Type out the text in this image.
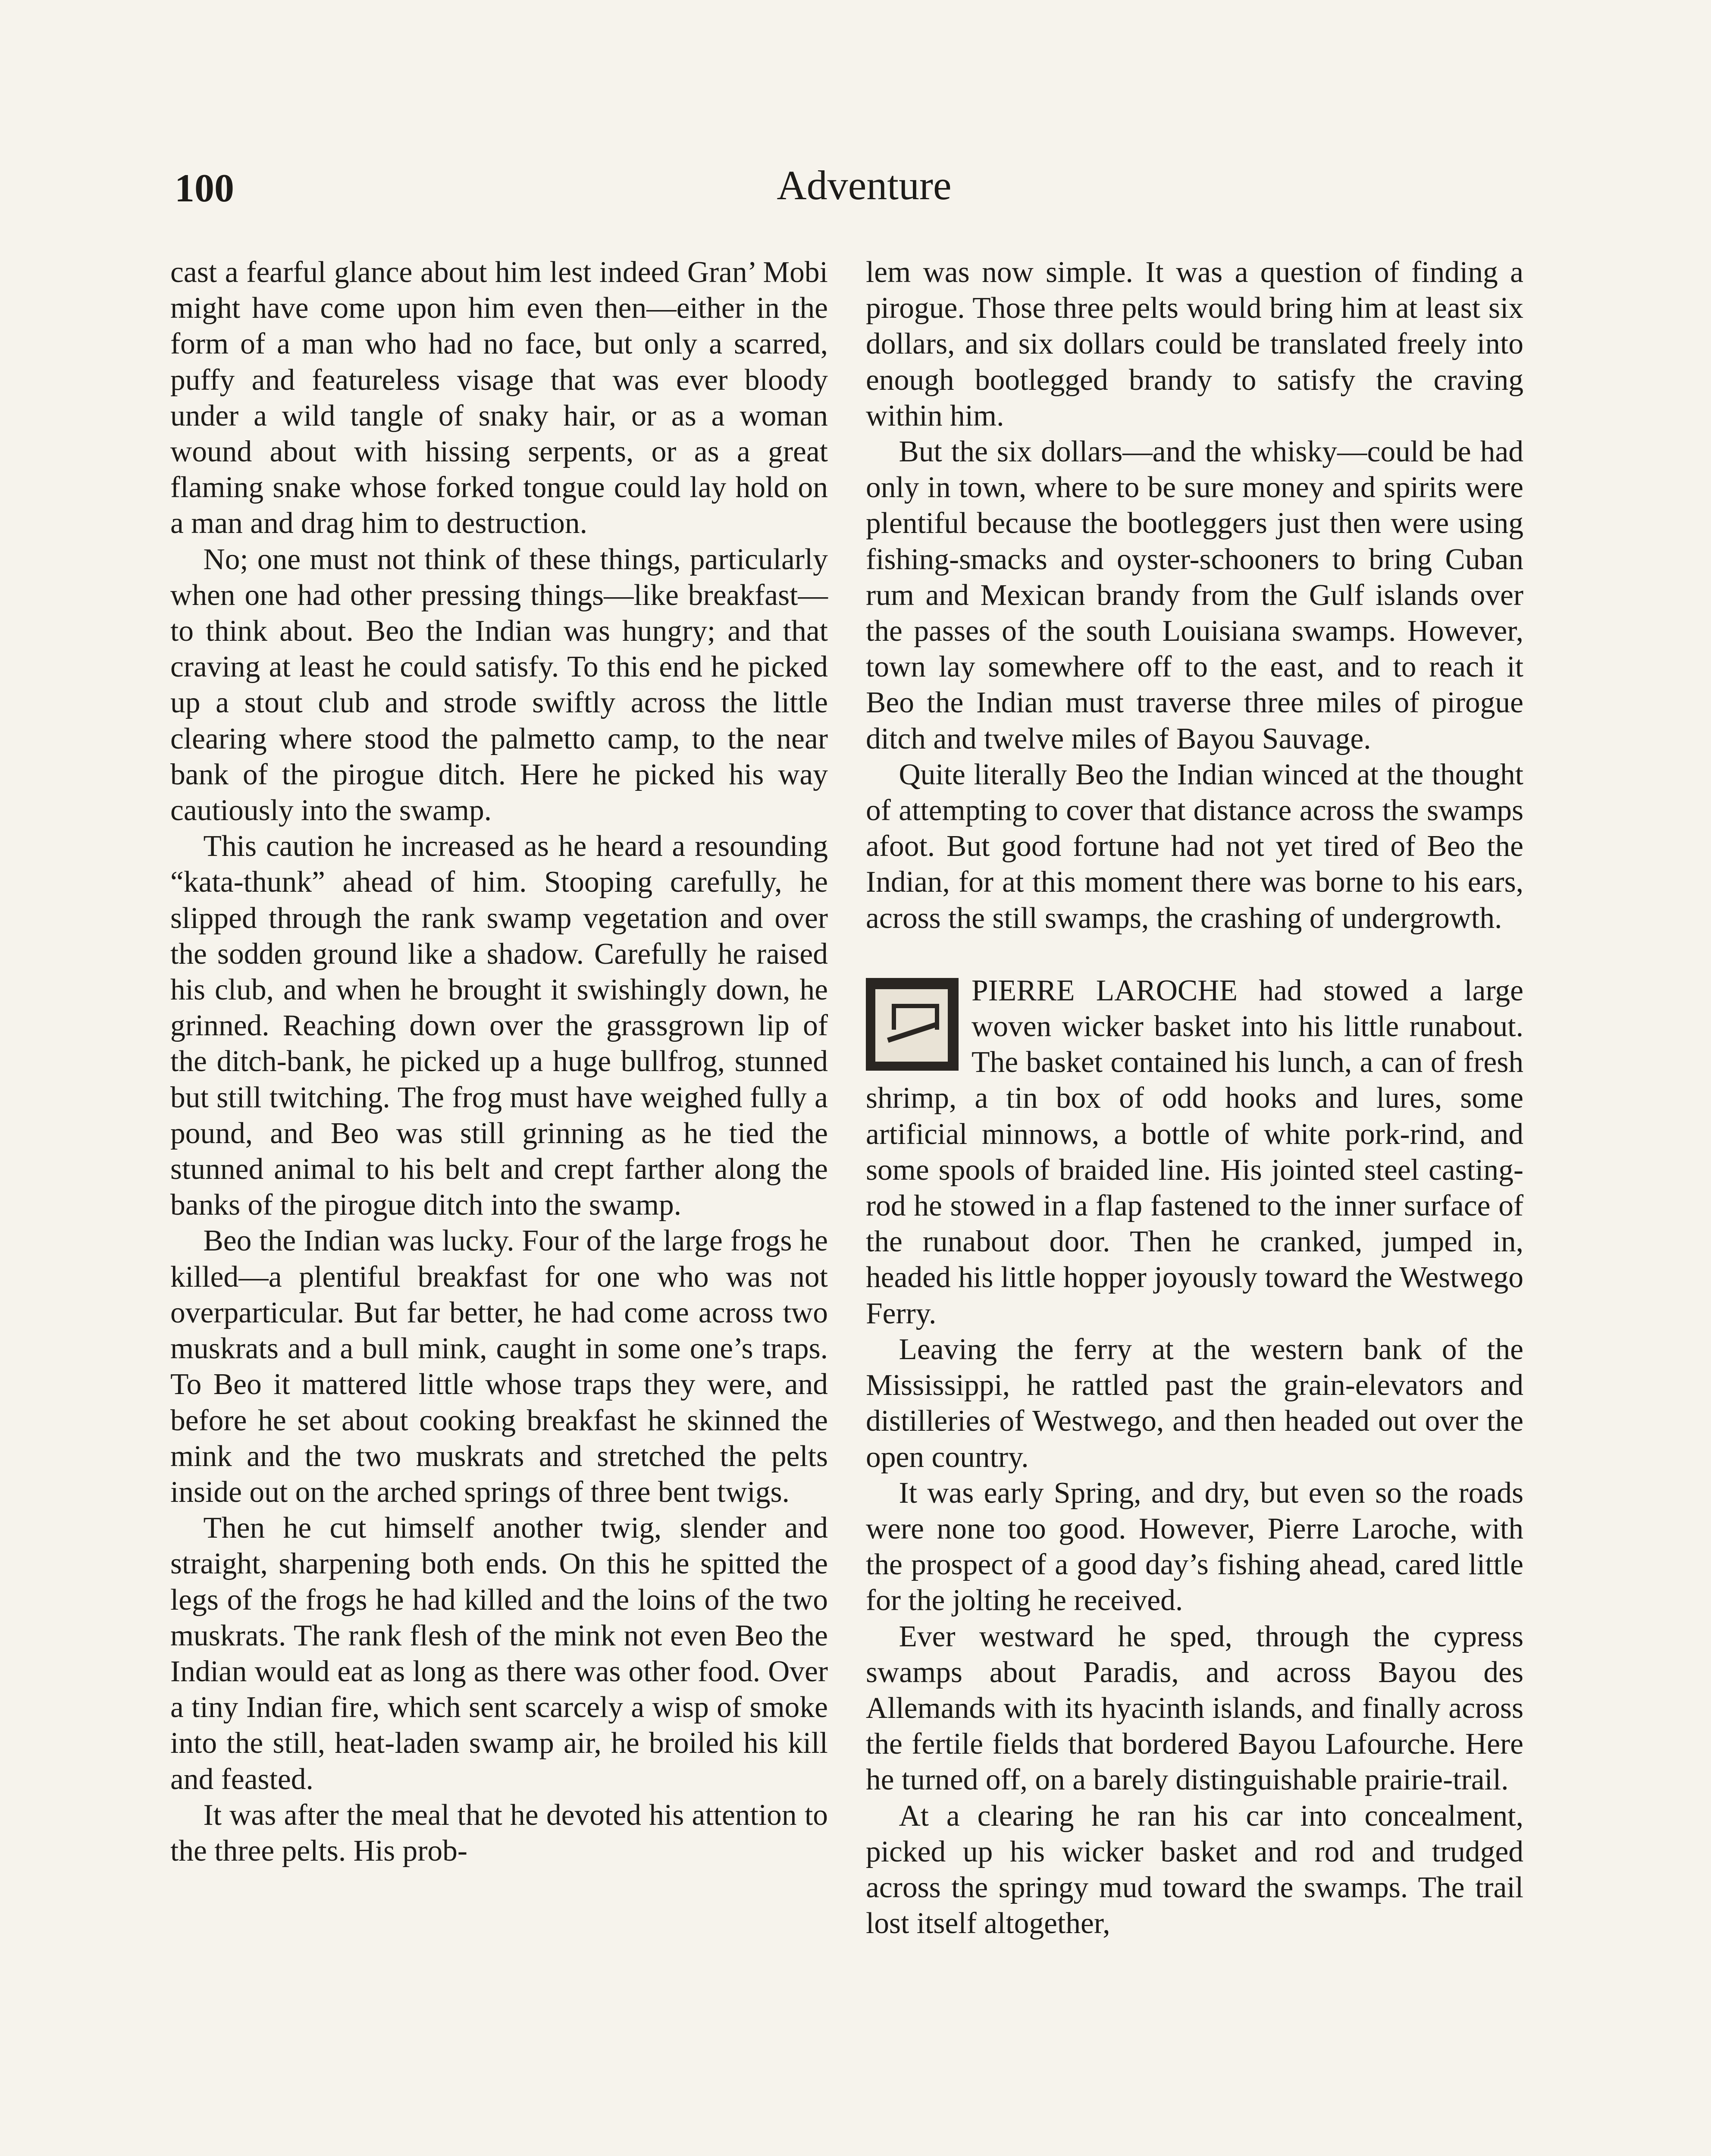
100	Adventure

cast a fearful glance about him lest indeed Gran’ Mobi might have come upon him even then—either in the form of a man who had no face, but only a scarred, puffy and featureless visage that was ever bloody under a wild tangle of snaky hair, or as a woman wound about with hissing serpents, or as a great flaming snake whose forked tongue could lay hold on a man and drag him to destruction.

No; one must not think of these things, particularly when one had other pressing things—like breakfast—to think about. Beo the Indian was hungry; and that craving at least he could satisfy. To this end he picked up a stout club and strode swiftly across the little clearing where stood the palmetto camp, to the near bank of the pirogue ditch. Here he picked his way cautiously into the swamp.

This caution he increased as he heard a resounding “kata-thunk” ahead of him. Stooping carefully, he slipped through the rank swamp vegetation and over the sodden ground like a shadow. Carefully he raised his club, and when he brought it swishingly down, he grinned. Reaching down over the grassgrown lip of the ditch-bank, he picked up a huge bullfrog, stunned but still twitching. The frog must have weighed fully a pound, and Beo was still grinning as he tied the stunned animal to his belt and crept farther along the banks of the pirogue ditch into the swamp.

Beo the Indian was lucky. Four of the large frogs he killed—a plentiful breakfast for one who was not overparticular. But far better, he had come across two muskrats and a bull mink, caught in some one’s traps. To Beo it mattered little whose traps they were, and before he set about cooking breakfast he skinned the mink and the two muskrats and stretched the pelts inside out on the arched springs of three bent twigs.

Then he cut himself another twig, slender and straight, sharpening both ends. On this he spitted the legs of the frogs he had killed and the loins of the two muskrats. The rank flesh of the mink not even Beo the Indian would eat as long as there was other food. Over a tiny Indian fire, which sent scarcely a wisp of smoke into the still, heat-laden swamp air, he broiled his kill and feasted.

It was after the meal that he devoted his attention to the three pelts. His prob-

lem was now simple. It was a question of finding a pirogue. Those three pelts would bring him at least six dollars, and six dollars could be translated freely into enough bootlegged brandy to satisfy the craving within him.

But the six dollars—and the whisky—could be had only in town, where to be sure money and spirits were plentiful because the bootleggers just then were using fishing-smacks and oyster-schooners to bring Cuban rum and Mexican brandy from the Gulf islands over the passes of the south Louisiana swamps. However, town lay somewhere off to the east, and to reach it Beo the Indian must traverse three miles of pirogue ditch and twelve miles of Bayou Sauvage.

Quite literally Beo the Indian winced at the thought of attempting to cover that distance across the swamps afoot. But good fortune had not yet tired of Beo the Indian, for at this moment there was borne to his ears, across the still swamps, the crashing of undergrowth.

PIERRE LAROCHE had stowed a large woven wicker basket into his little runabout. The basket contained his lunch, a can of fresh shrimp, a tin box of odd hooks and lures, some artificial minnows, a bottle of white pork-rind, and some spools of braided line. His jointed steel casting-rod he stowed in a flap fastened to the inner surface of the runabout door. Then he cranked, jumped in, headed his little hopper joyously toward the Westwego Ferry.

Leaving the ferry at the western bank of the Mississippi, he rattled past the grain-elevators and distilleries of Westwego, and then headed out over the open country.

It was early Spring, and dry, but even so the roads were none too good. However, Pierre Laroche, with the prospect of a good day’s fishing ahead, cared little for the jolting he received.

Ever westward he sped, through the cypress swamps about Paradis, and across Bayou des Allemands with its hyacinth islands, and finally across the fertile fields that bordered Bayou Lafourche. Here he turned off, on a barely distinguishable prairie-trail.

At a clearing he ran his car into concealment, picked up his wicker basket and rod and trudged across the springy mud toward the swamps. The trail lost itself altogether,
